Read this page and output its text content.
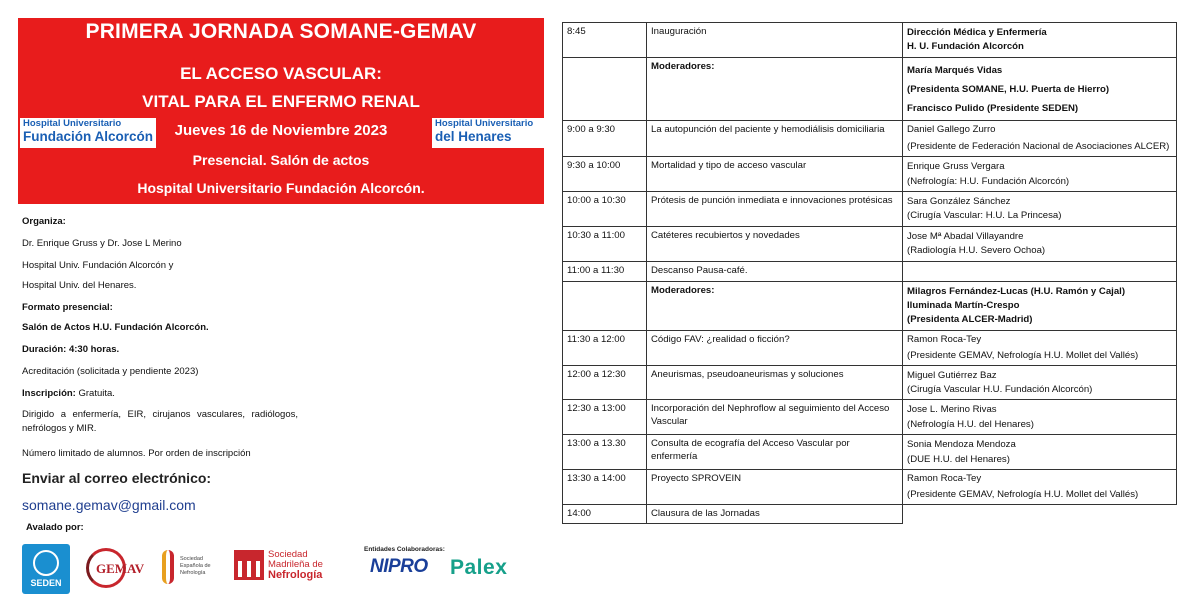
PRIMERA JORNADA SOMANE-GEMAV
EL ACCESO VASCULAR:
VITAL PARA EL ENFERMO RENAL
Jueves 16 de Noviembre 2023
Presencial. Salón de actos
Hospital Universitario Fundación Alcorcón.
Hospital Universitario
Fundación Alcorcón
Hospital Universitario
del Henares
Organiza:
Dr. Enrique Gruss y Dr. Jose L Merino
Hospital Univ. Fundación Alcorcón y
Hospital Univ. del Henares.
Formato presencial:
Salón de Actos H.U. Fundación Alcorcón.
Duración: 4:30 horas.
Acreditación (solicitada y pendiente 2023)
Inscripción: Gratuita.
Dirigido a enfermería, EIR, cirujanos vasculares, radiólogos, nefrólogos y MIR.
Número limitado de alumnos. Por orden de inscripción
Enviar al correo electrónico:
somane.gemav@gmail.com
Avalado por:
SEDEN
GEMAV
Sociedad
Española de
Nefrología
Sociedad
Madrileña de
Nefrología
Entidades Colaboradoras:
NIPRO Palex
8:45	Inauguración	Dirección Médica y Enfermería
H. U. Fundación Alcorcón

	Moderadores:	María Marqués Vidas
(Presidenta SOMANE, H.U. Puerta de Hierro)
Francisco Pulido (Presidente SEDEN)

9:00 a 9:30	La autopunción del paciente y hemodiálisis domiciliaria	Daniel Gallego Zurro
(Presidente de Federación Nacional de Asociaciones ALCER)

9:30 a 10:00	Mortalidad y tipo de acceso vascular	Enrique Gruss Vergara
(Nefrología: H.U. Fundación Alcorcón)

10:00 a 10:30	Prótesis de punción inmediata e innovaciones protésicas	Sara González Sánchez
(Cirugía Vascular: H.U. La Princesa)

10:30 a 11:00	Catéteres recubiertos y novedades	Jose Mª Abadal Villayandre
(Radiología H.U. Severo Ochoa)

11:00 a 11:30	Descanso Pausa-café.	
	Moderadores:	Milagros Fernández-Lucas (H.U. Ramón y Cajal)
Iluminada Martín-Crespo
(Presidenta ALCER-Madrid)

11:30 a 12:00	Código FAV: ¿realidad o ficción?	Ramon Roca-Tey
(Presidente GEMAV, Nefrología H.U. Mollet del Vallés)

12:00 a 12:30	Aneurismas, pseudoaneurismas y soluciones	Miguel Gutiérrez Baz
(Cirugía Vascular H.U. Fundación Alcorcón)

12:30 a 13:00	Incorporación del Nephroflow al seguimiento del Acceso Vascular	Jose L. Merino Rivas
(Nefrología H.U. del Henares)

13:00 a 13.30	Consulta de ecografía del Acceso Vascular por enfermería	Sonia Mendoza Mendoza
(DUE H.U. del Henares)

13:30 a 14:00	Proyecto SPROVEIN	Ramon Roca-Tey
(Presidente GEMAV, Nefrología H.U. Mollet del Vallés)

14:00	Clausura de las Jornadas	
